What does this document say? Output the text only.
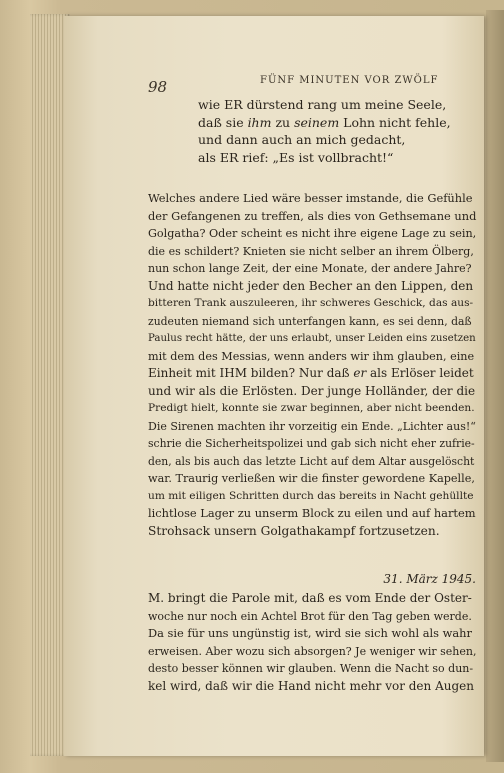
98	FÜNF MINUTEN VOR ZWÖLF
wie ER dürstend rang um meine Seele,
daß sie ihm zu seinem Lohn nicht fehle,
und dann auch an mich gedacht,
als ER rief: „Es ist vollbracht!“
Welches andere Lied wäre besser imstande, die Gefühle
der Gefangenen zu treffen, als dies von Gethsemane und
Golgatha? Oder scheint es nicht ihre eigene Lage zu sein,
die es schildert? Knieten sie nicht selber an ihrem Ölberg,
nun schon lange Zeit, der eine Monate, der andere Jahre?
Und hatte nicht jeder den Becher an den Lippen, den
bitteren Trank auszuleeren, ihr schweres Geschick, das aus-
zudeuten niemand sich unterfangen kann, es sei denn, daß
Paulus recht hätte, der uns erlaubt, unser Leiden eins zusetzen
mit dem des Messias, wenn anders wir ihm glauben, eine
Einheit mit IHM bilden? Nur daß er als Erlöser leidet
und wir als die Erlösten. Der junge Holländer, der die
Predigt hielt, konnte sie zwar beginnen, aber nicht beenden.
Die Sirenen machten ihr vorzeitig ein Ende. „Lichter aus!“
schrie die Sicherheitspolizei und gab sich nicht eher zufrie-
den, als bis auch das letzte Licht auf dem Altar ausgelöscht
war. Traurig verließen wir die finster gewordene Kapelle,
um mit eiligen Schritten durch das bereits in Nacht gehüllte
lichtlose Lager zu unserm Block zu eilen und auf hartem
Strohsack unsern Golgathakampf fortzusetzen.
31. März 1945.
M. bringt die Parole mit, daß es vom Ende der Oster-
woche nur noch ein Achtel Brot für den Tag geben werde.
Da sie für uns ungünstig ist, wird sie sich wohl als wahr
erweisen. Aber wozu sich absorgen? Je weniger wir sehen,
desto besser können wir glauben. Wenn die Nacht so dun-
kel wird, daß wir die Hand nicht mehr vor den Augen
